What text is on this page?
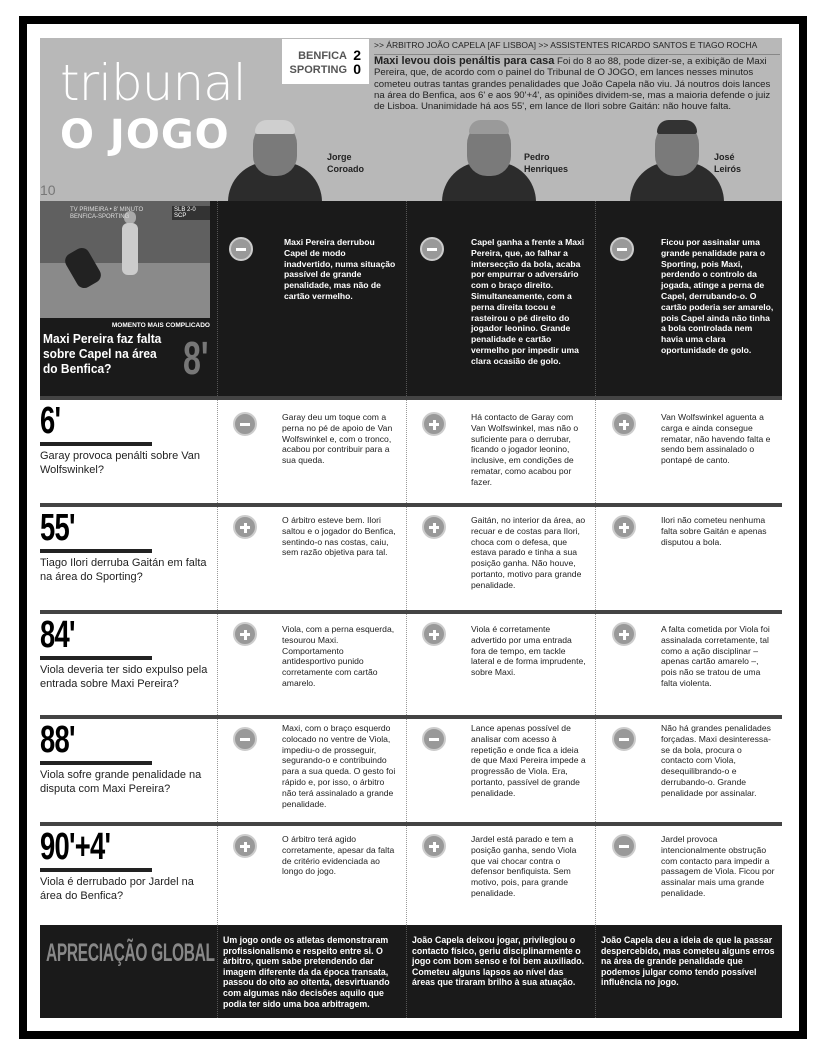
tribunal
O JOGO
BENFICA 2
SPORTING 0
>> ÁRBITRO JOÃO CAPELA [AF LISBOA] >> ASSISTENTES RICARDO SANTOS E TIAGO ROCHA
Maxi levou dois penáltis para casa Foi do 8 ao 88, pode dizer-se, a exibição de Maxi Pereira, que, de acordo com o painel do Tribunal de O JOGO, em lances nesses minutos cometeu outras tantas grandes penalidades que João Capela não viu. Já noutros dois lances na área do Benfica, aos 6' e aos 90'+4', as opiniões dividem-se, mas a maioria defende o juiz de Lisboa. Unanimidade há aos 55', em lance de Ilori sobre Gaitán: não houve falta.
Jorge
Coroado
Pedro
Henriques
José
Leirós
10
TV PRIMEIRA • 8' MINUTO
BENFICA-SPORTING
SLB 2-0 SCP
MOMENTO MAIS COMPLICADO
Maxi Pereira faz falta sobre Capel na área do Benfica?	8'
Maxi Pereira derrubou Capel de modo inadvertido, numa situação passível de grande penalidade, mas não de cartão vermelho.
Capel ganha a frente a Maxi Pereira, que, ao falhar a intersecção da bola, acaba por empurrar o adversário com o braço direito. Simultaneamente, com a perna direita tocou e rasteirou o pé direito do jogador leonino. Grande penalidade e cartão vermelho por impedir uma clara ocasião de golo.
Ficou por assinalar uma grande penalidade para o Sporting, pois Maxi, perdendo o controlo da jogada, atinge a perna de Capel, derrubando-o. O cartão poderia ser amarelo, pois Capel ainda não tinha a bola controlada nem havia uma clara oportunidade de golo.
6'
Garay provoca penálti sobre Van Wolfswinkel?
Garay deu um toque com a perna no pé de apoio de Van Wolfswinkel e, com o tronco, acabou por contribuir para a sua queda.
Há contacto de Garay com Van Wolfswinkel, mas não o suficiente para o derrubar, ficando o jogador leonino, inclusive, em condições de rematar, como acabou por fazer.
Van Wolfswinkel aguenta a carga e ainda consegue rematar, não havendo falta e sendo bem assinalado o pontapé de canto.
55'
Tiago Ilori derruba Gaitán em falta na área do Sporting?
O árbitro esteve bem. Ilori saltou e o jogador do Benfica, sentindo-o nas costas, caiu, sem razão objetiva para tal.
Gaitán, no interior da área, ao recuar e de costas para Ilori, choca com o defesa, que estava parado e tinha a sua posição ganha. Não houve, portanto, motivo para grande penalidade.
Ilori não cometeu nenhuma falta sobre Gaitán e apenas disputou a bola.
84'
Viola deveria ter sido expulso pela entrada sobre Maxi Pereira?
Viola, com a perna esquerda, tesourou Maxi. Comportamento antidesportivo punido corretamente com cartão amarelo.
Viola é corretamente advertido por uma entrada fora de tempo, em tackle lateral e de forma imprudente, sobre Maxi.
A falta cometida por Viola foi assinalada corretamente, tal como a ação disciplinar – apenas cartão amarelo –, pois não se tratou de uma falta violenta.
88'
Viola sofre grande penalidade na disputa com Maxi Pereira?
Maxi, com o braço esquerdo colocado no ventre de Viola, impediu-o de prosseguir, segurando-o e contribuindo para a sua queda. O gesto foi rápido e, por isso, o árbitro não terá assinalado a grande penalidade.
Lance apenas possível de analisar com acesso à repetição e onde fica a ideia de que Maxi Pereira impede a progressão de Viola. Era, portanto, passível de grande penalidade.
Não há grandes penalidades forçadas. Maxi desinteressa-se da bola, procura o contacto com Viola, desequilibrando-o e derrubando-o. Grande penalidade por assinalar.
90'+4'
Viola é derrubado por Jardel na área do Benfica?
O árbitro terá agido corretamente, apesar da falta de critério evidenciada ao longo do jogo.
Jardel está parado e tem a posição ganha, sendo Viola que vai chocar contra o defensor benfiquista. Sem motivo, pois, para grande penalidade.
Jardel provoca intencionalmente obstrução com contacto para impedir a passagem de Viola. Ficou por assinalar mais uma grande penalidade.
APRECIAÇÃO GLOBAL Um jogo onde os atletas demonstraram profissionalismo e respeito entre si. O árbitro, quem sabe pretendendo dar imagem diferente da da época transata, passou do oito ao oitenta, desvirtuando com algumas não decisões aquilo que podia ter sido uma boa arbitragem.
João Capela deixou jogar, privilegiou o contacto físico, geriu disciplinarmente o jogo com bom senso e foi bem auxiliado. Cometeu alguns lapsos ao nível das áreas que tiraram brilho à sua atuação.
João Capela deu a ideia de que Ia passar despercebido, mas cometeu alguns erros na área de grande penalidade que podemos julgar como tendo possível influência no jogo.
